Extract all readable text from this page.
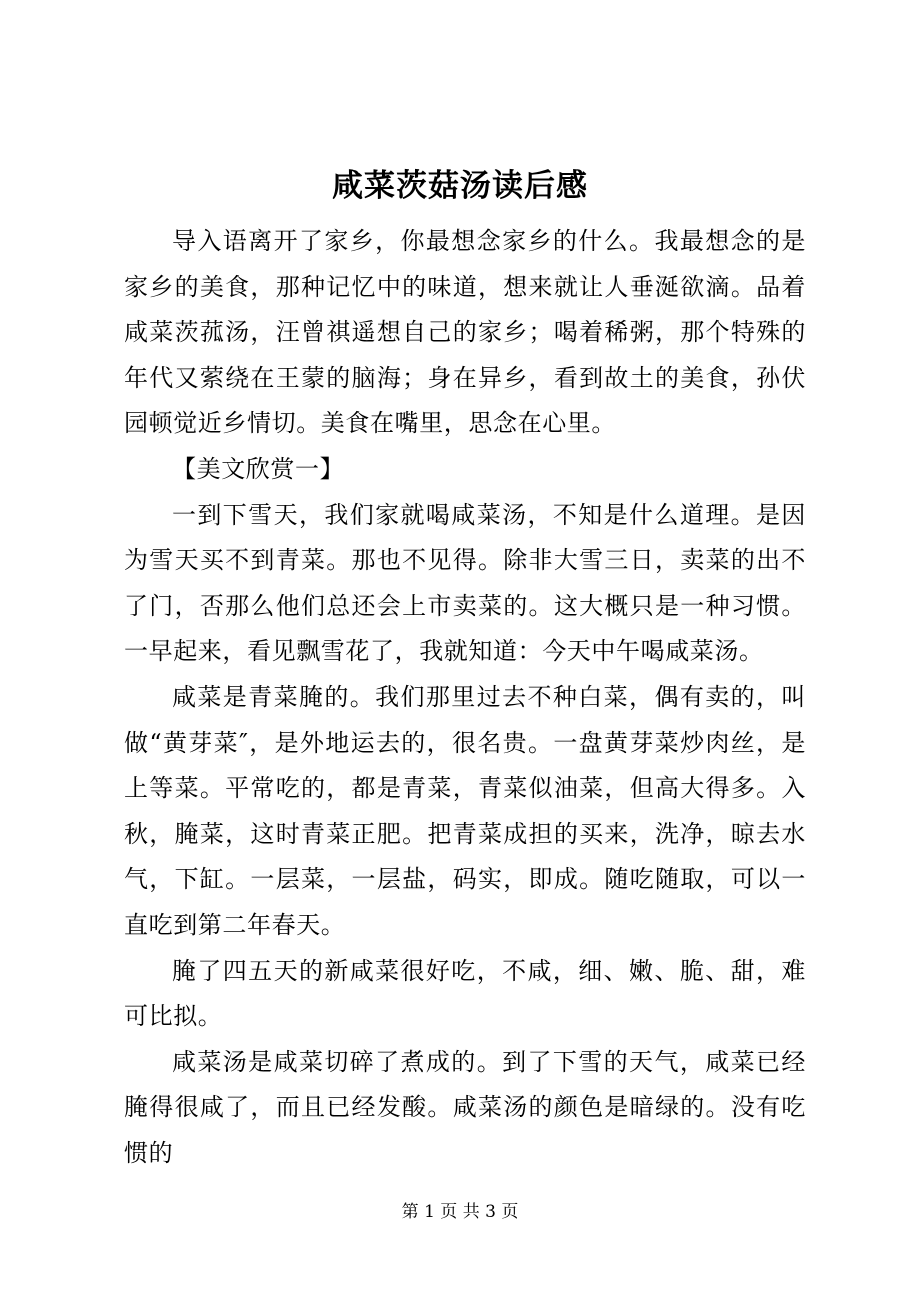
咸菜茨菇汤读后感

导入语离开了家乡，你最想念家乡的什么。我最想念的是家乡的美食，那种记忆中的味道，想来就让人垂涎欲滴。品着咸菜茨菰汤，汪曾祺遥想自己的家乡；喝着稀粥，那个特殊的年代又萦绕在王蒙的脑海；身在异乡，看到故土的美食，孙伏园顿觉近乡情切。美食在嘴里，思念在心里。

【美文欣赏一】

一到下雪天，我们家就喝咸菜汤，不知是什么道理。是因为雪天买不到青菜。那也不见得。除非大雪三日，卖菜的出不了门，否那么他们总还会上市卖菜的。这大概只是一种习惯。一早起来，看见飘雪花了，我就知道：今天中午喝咸菜汤。

咸菜是青菜腌的。我们那里过去不种白菜，偶有卖的，叫做“黄芽菜″，是外地运去的，很名贵。一盘黄芽菜炒肉丝，是上等菜。平常吃的，都是青菜，青菜似油菜，但高大得多。入秋，腌菜，这时青菜正肥。把青菜成担的买来，洗净，晾去水气，下缸。一层菜，一层盐，码实，即成。随吃随取，可以一直吃到第二年春天。

腌了四五天的新咸菜很好吃，不咸，细、嫩、脆、甜，难可比拟。

咸菜汤是咸菜切碎了煮成的。到了下雪的天气，咸菜已经腌得很咸了，而且已经发酸。咸菜汤的颜色是暗绿的。没有吃惯的

第 1 页 共 3 页
